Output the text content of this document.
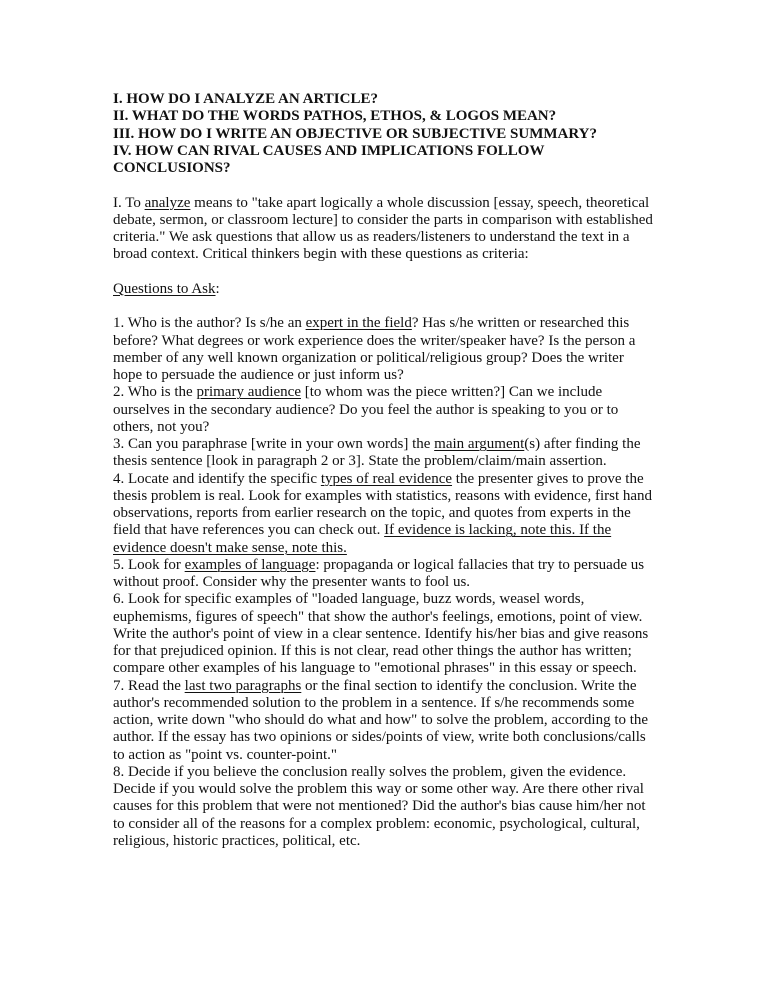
I. HOW DO I ANALYZE AN ARTICLE?
II. WHAT DO THE WORDS PATHOS, ETHOS, & LOGOS MEAN?
III. HOW DO I WRITE AN OBJECTIVE OR SUBJECTIVE SUMMARY?
IV. HOW CAN RIVAL CAUSES AND IMPLICATIONS FOLLOW
CONCLUSIONS?
I. To analyze means to "take apart logically a whole discussion [essay, speech, theoretical
debate, sermon, or classroom lecture] to consider the parts in comparison with established
criteria." We ask questions that allow us as readers/listeners to understand the text in a
broad context. Critical thinkers begin with these questions as criteria:
Questions to Ask:
1. Who is the author? Is s/he an expert in the field? Has s/he written or researched this
before? What degrees or work experience does the writer/speaker have? Is the person a
member of any well known organization or political/religious group? Does the writer
hope to persuade the audience or just inform us?
2. Who is the primary audience [to whom was the piece written?] Can we include
ourselves in the secondary audience? Do you feel the author is speaking to you or to
others, not you?
3. Can you paraphrase [write in your own words] the main argument(s) after finding the
thesis sentence [look in paragraph 2 or 3]. State the problem/claim/main assertion.
4. Locate and identify the specific types of real evidence the presenter gives to prove the
thesis problem is real. Look for examples with statistics, reasons with evidence, first hand
observations, reports from earlier research on the topic, and quotes from experts in the
field that have references you can check out. If evidence is lacking, note this. If the
evidence doesn't make sense, note this.
5. Look for examples of language: propaganda or logical fallacies that try to persuade us
without proof. Consider why the presenter wants to fool us.
6. Look for specific examples of "loaded language, buzz words, weasel words,
euphemisms, figures of speech" that show the author's feelings, emotions, point of view.
Write the author's point of view in a clear sentence. Identify his/her bias and give reasons
for that prejudiced opinion. If this is not clear, read other things the author has written;
compare other examples of his language to "emotional phrases" in this essay or speech.
7. Read the last two paragraphs or the final section to identify the conclusion. Write the
author's recommended solution to the problem in a sentence. If s/he recommends some
action, write down "who should do what and how" to solve the problem, according to the
author. If the essay has two opinions or sides/points of view, write both conclusions/calls
to action as "point vs. counter-point."
8. Decide if you believe the conclusion really solves the problem, given the evidence.
Decide if you would solve the problem this way or some other way. Are there other rival
causes for this problem that were not mentioned? Did the author's bias cause him/her not
to consider all of the reasons for a complex problem: economic, psychological, cultural,
religious, historic practices, political, etc.
